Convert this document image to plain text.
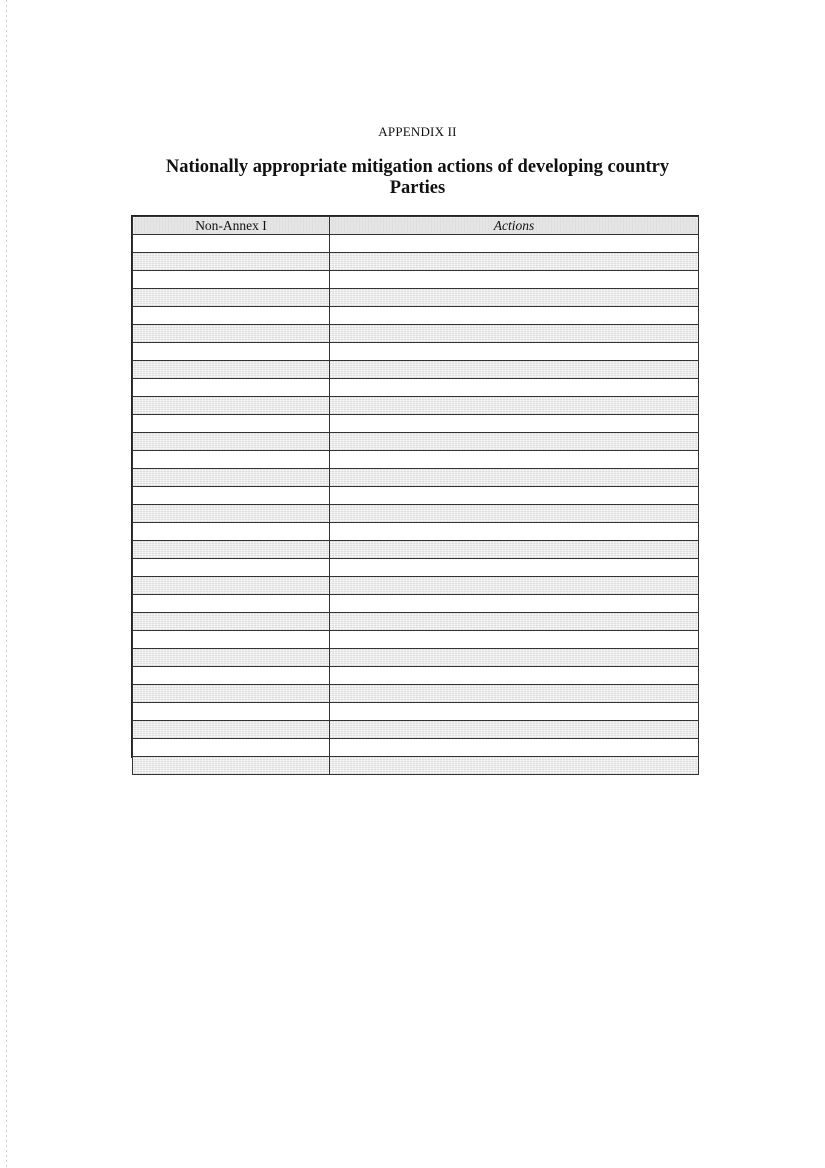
APPENDIX II
Nationally appropriate mitigation actions of developing country Parties
Non-Annex I	Actions
